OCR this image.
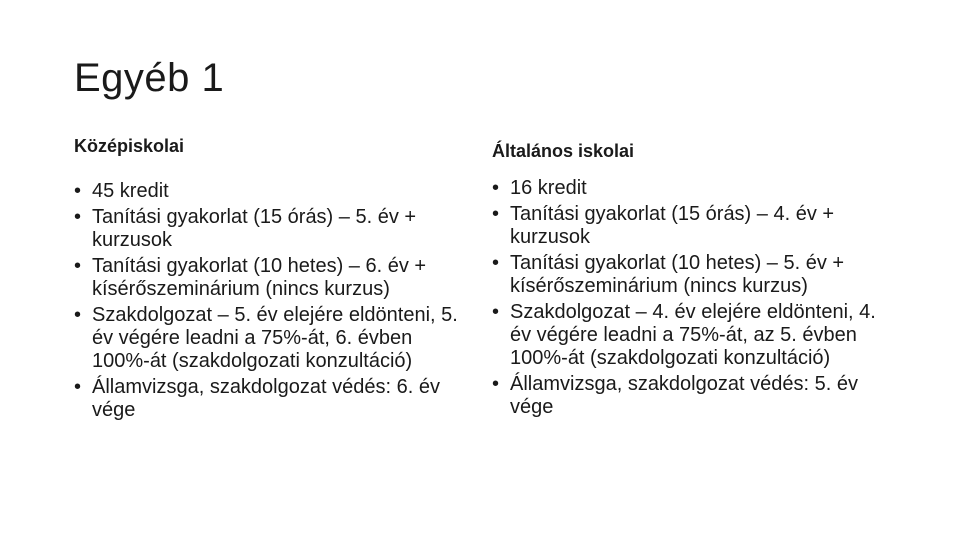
Egyéb 1
Középiskolai
• 45 kredit
• Tanítási gyakorlat (15 órás) – 5. év + kurzusok
• Tanítási gyakorlat (10 hetes) – 6. év + kísérőszeminárium (nincs kurzus)
• Szakdolgozat – 5. év elejére eldönteni, 5. év végére leadni a 75%-át, 6. évben 100%-át (szakdolgozati konzultáció)
• Államvizsga, szakdolgozat védés: 6. év vége
Általános iskolai
• 16 kredit
• Tanítási gyakorlat (15 órás) – 4. év + kurzusok
• Tanítási gyakorlat (10 hetes) – 5. év + kísérőszeminárium (nincs kurzus)
• Szakdolgozat – 4. év elejére eldönteni, 4. év végére leadni a 75%-át, az 5. évben 100%-át (szakdolgozati konzultáció)
• Államvizsga, szakdolgozat védés: 5. év vége
